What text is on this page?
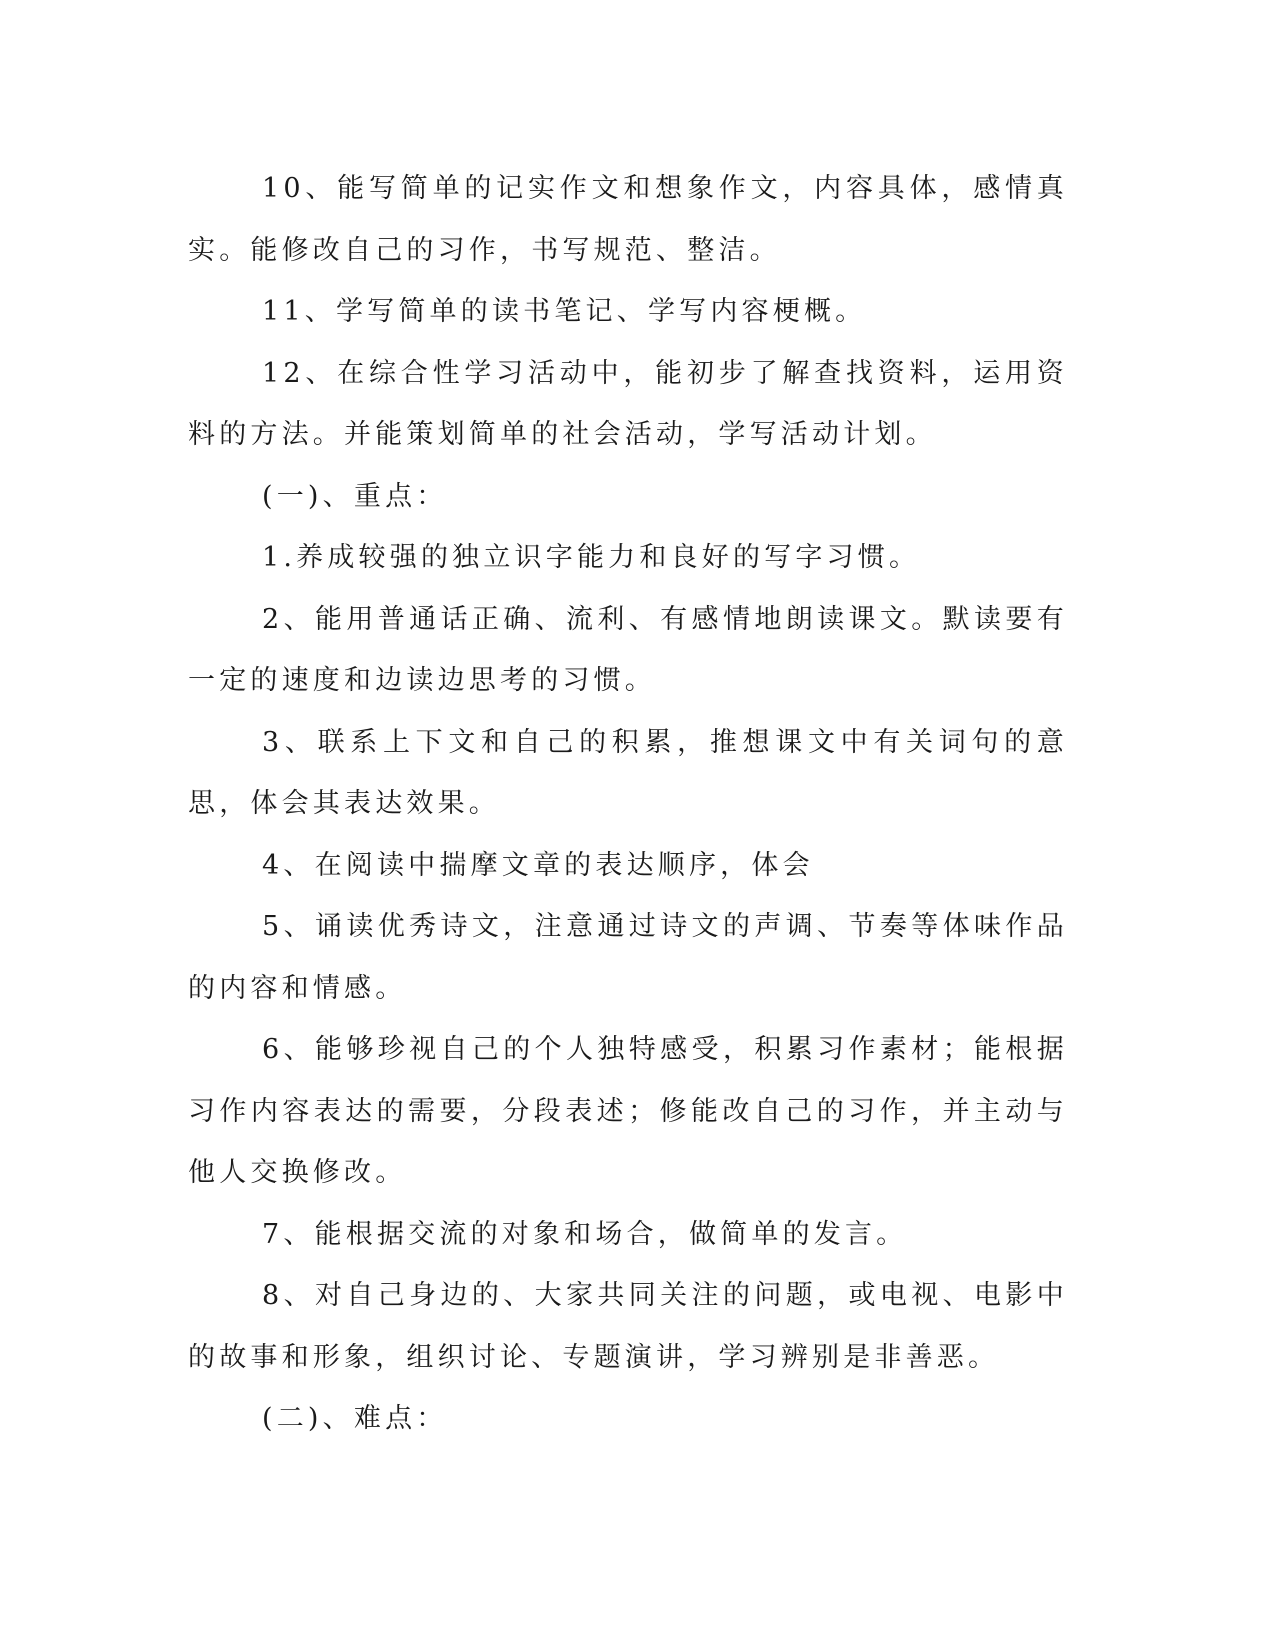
10、能写简单的记实作文和想象作文，内容具体，感情真实。能修改自己的习作，书写规范、整洁。

11、学写简单的读书笔记、学写内容梗概。

12、在综合性学习活动中，能初步了解查找资料，运用资料的方法。并能策划简单的社会活动，学写活动计划。

(一)、重点：

1.养成较强的独立识字能力和良好的写字习惯。

2、能用普通话正确、流利、有感情地朗读课文。默读要有一定的速度和边读边思考的习惯。

3、联系上下文和自己的积累，推想课文中有关词句的意思，体会其表达效果。

4、在阅读中揣摩文章的表达顺序，体会

5、诵读优秀诗文，注意通过诗文的声调、节奏等体味作品的内容和情感。

6、能够珍视自己的个人独特感受，积累习作素材；能根据习作内容表达的需要，分段表述；修能改自己的习作，并主动与他人交换修改。

7、能根据交流的对象和场合，做简单的发言。

8、对自己身边的、大家共同关注的问题，或电视、电影中的故事和形象，组织讨论、专题演讲，学习辨别是非善恶。

(二)、难点：
